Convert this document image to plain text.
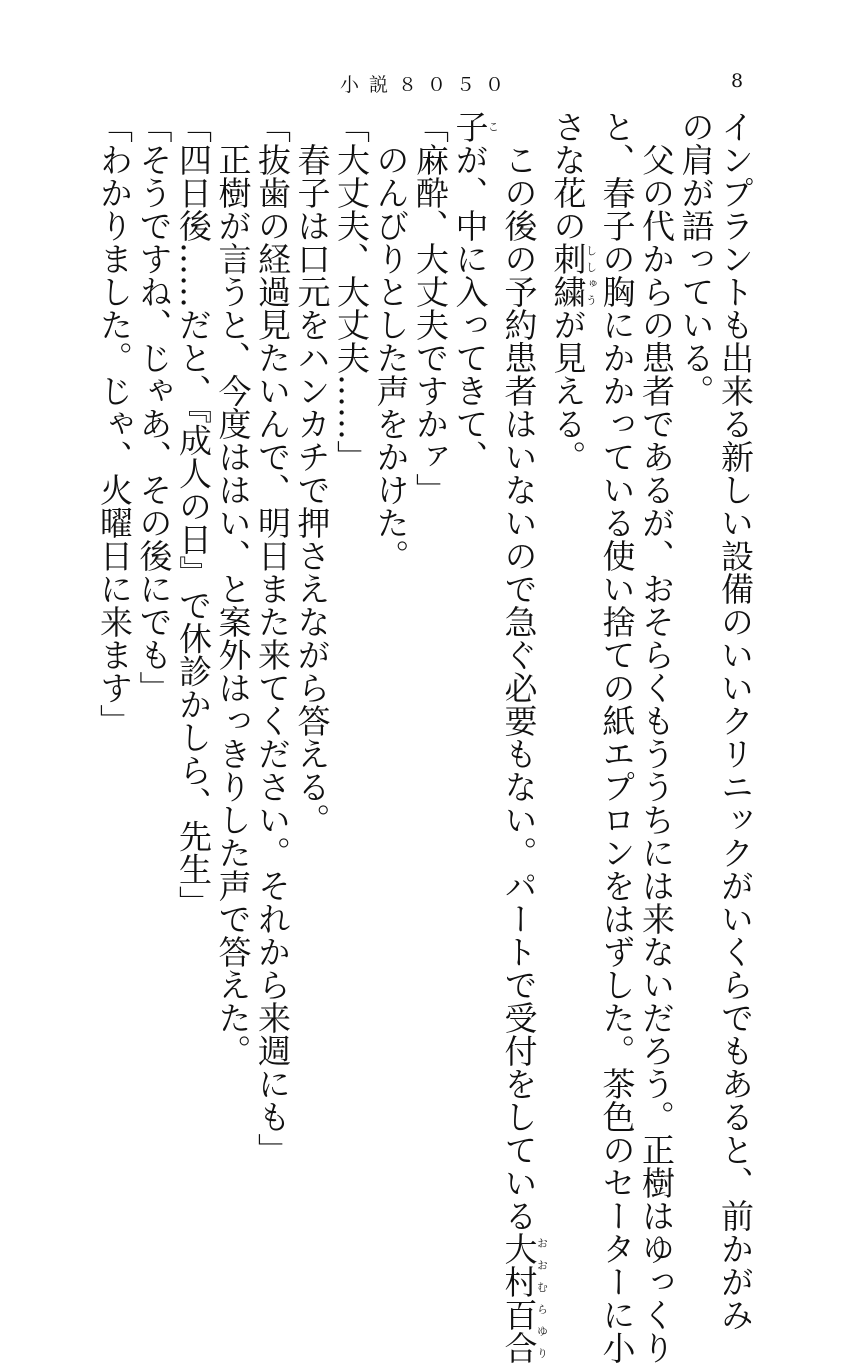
小説８０５０	8
インプラントも出来る新しい設備のいいクリニックがいくらでもあると、前かがみ
の肩が語っている。
　父の代からの患者であるが、おそらくもううちには来ないだろう。正樹はゆっくり
と、春子の胸にかかっている使い捨ての紙エプロンをはずした。茶色のセーターに小
さな花の刺繍ししゅうが見える。
　この後の予約患者はいないので急ぐ必要もない。パートで受付をしている大村百合おおむらゆり
子こが、中に入ってきて、
「麻酔、大丈夫ですかァ」
　のんびりとした声をかけた。
「大丈夫、大丈夫……」
　春子は口元をハンカチで押さえながら答える。
「抜歯の経過見たいんで、明日また来てください。それから来週にも」
　正樹が言うと、今度ははい、と案外はっきりした声で答えた。
「四日後……だと、『成人の日』で休診かしら、先生」
「そうですね、じゃあ、その後にでも」
「わかりました。じゃ、火曜日に来ます」
